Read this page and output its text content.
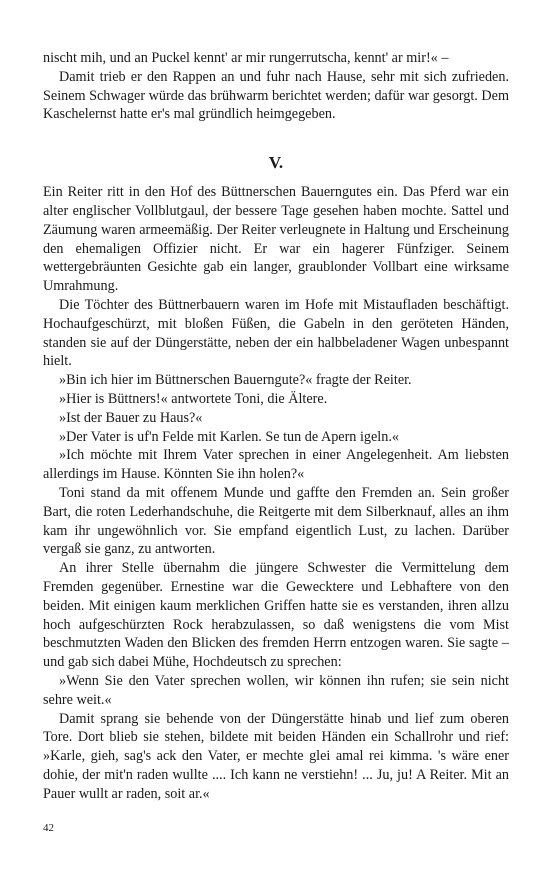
nischt mih, und an Puckel kennt' ar mir rungerrutscha, kennt' ar mir!« –

Damit trieb er den Rappen an und fuhr nach Hause, sehr mit sich zufrieden. Seinem Schwager würde das brühwarm berichtet werden; dafür war gesorgt. Dem Kaschelernst hatte er's mal gründlich heimgegeben.

V.

Ein Reiter ritt in den Hof des Büttnerschen Bauerngutes ein. Das Pferd war ein alter englischer Vollblutgaul, der bessere Tage gesehen haben mochte. Sattel und Zäumung waren armeemäßig. Der Reiter verleugnete in Haltung und Erscheinung den ehemaligen Offizier nicht. Er war ein hagerer Fünfziger. Seinem wettergebräunten Gesichte gab ein langer, graublonder Vollbart eine wirksame Umrahmung.

Die Töchter des Büttnerbauern waren im Hofe mit Mistaufladen beschäftigt. Hochaufgeschürzt, mit bloßen Füßen, die Gabeln in den geröteten Händen, standen sie auf der Düngerstätte, neben der ein halbbeladener Wagen unbespannt hielt.

»Bin ich hier im Büttnerschen Bauerngute?« fragte der Reiter.

»Hier is Büttners!« antwortete Toni, die Ältere.

»Ist der Bauer zu Haus?«

»Der Vater is uf'n Felde mit Karlen. Se tun de Apern igeln.«

»Ich möchte mit Ihrem Vater sprechen in einer Angelegenheit. Am liebsten allerdings im Hause. Könnten Sie ihn holen?«

Toni stand da mit offenem Munde und gaffte den Fremden an. Sein großer Bart, die roten Lederhandschuhe, die Reitgerte mit dem Silberknauf, alles an ihm kam ihr ungewöhnlich vor. Sie empfand eigentlich Lust, zu lachen. Darüber vergaß sie ganz, zu antworten.

An ihrer Stelle übernahm die jüngere Schwester die Vermittelung dem Fremden gegenüber. Ernestine war die Gewecktere und Lebhaftere von den beiden. Mit einigen kaum merklichen Griffen hatte sie es verstanden, ihren allzu hoch aufgeschürzten Rock herabzulassen, so daß wenigstens die vom Mist beschmutzten Waden den Blicken des fremden Herrn entzogen waren. Sie sagte – und gab sich dabei Mühe, Hochdeutsch zu sprechen:

»Wenn Sie den Vater sprechen wollen, wir können ihn rufen; sie sein nicht sehre weit.«

Damit sprang sie behende von der Düngerstätte hinab und lief zum oberen Tore. Dort blieb sie stehen, bildete mit beiden Händen ein Schallrohr und rief: »Karle, gieh, sag's ack den Vater, er mechte glei amal rei kimma. 's wäre ener dohie, der mit'n raden wullte .... Ich kann ne verstiehn! ... Ju, ju! A Reiter. Mit an Pauer wullt ar raden, soit ar.«

42
